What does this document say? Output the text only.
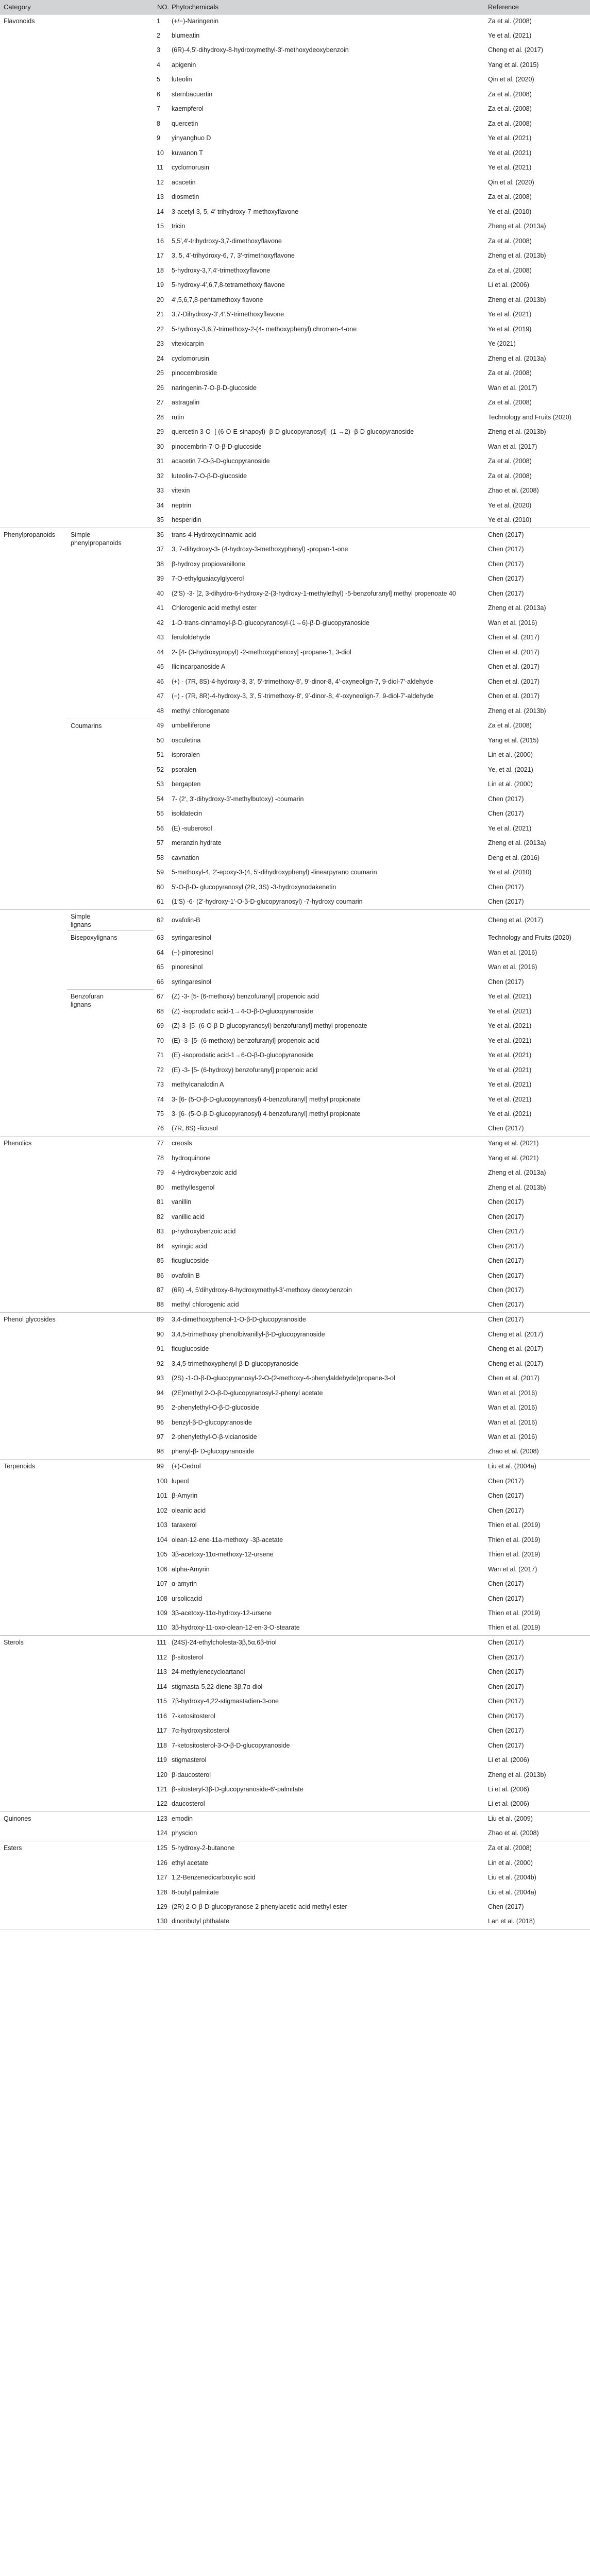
Category			NO.	Phytochemicals	Reference
Flavonoids			1	(+/−)-Naringenin	Za et al. (2008)
			2	blumeatin	Ye et al. (2021)
			3	(6R)-4,5′-dihydroxy-8-hydroxymethyl-3′-methoxydeoxybenzoin	Cheng et al. (2017)
			4	apigenin	Yang et al. (2015)
			5	luteolin	Qin et al. (2020)
			6	sternbacuertin	Za et al. (2008)
			7	kaempferol	Za et al. (2008)
			8	quercetin	Za et al. (2008)
			9	yinyanghuo D	Ye et al. (2021)
			10	kuwanon T	Ye et al. (2021)
			11	cyclomorusin	Ye et al. (2021)
			12	acacetin	Qin et al. (2020)
			13	diosmetin	Za et al. (2008)
			14	3-acetyl-3, 5, 4′-trihydroxy-7-methoxyflavone	Ye et al. (2010)
			15	tricin	Zheng et al. (2013a)
			16	5,5′,4′-trihydroxy-3,7-dimethoxyflavone	Za et al. (2008)
			17	3, 5, 4′-trihydroxy-6, 7, 3′-trimethoxyflavone	Zheng et al. (2013b)
			18	5-hydroxy-3,7,4′-trimethoxyflavone	Za et al. (2008)
			19	5-hydroxy-4′,6,7,8-tetramethoxy flavone	Li et al. (2006)
			20	4′,5,6,7,8-pentamethoxy flavone	Zheng et al. (2013b)
			21	3,7-Dihydroxy-3′,4′,5′-trimethoxyflavone	Ye et al. (2021)
			22	5-hydroxy-3,6,7-trimethoxy-2-(4- methoxyphenyl) chromen-4-one	Ye et al. (2019)
			23	vitexicarpin	Ye (2021)
			24	cyclomorusin	Zheng et al. (2013a)
			25	pinocembroside	Za et al. (2008)
			26	naringenin-7-O-β-D-glucoside	Wan et al. (2017)
			27	astragalin	Za et al. (2008)
			28	rutin	Technology and Fruits (2020)
			29	quercetin 3-O- [ (6-O-E-sinapoyl) -β-D-glucopyranosyl]- (1 →2) -β-D-glucopyranoside	Zheng et al. (2013b)
			30	pinocembrin-7-O-β-D-glucoside	Wan et al. (2017)
			31	acacetin 7-O-β-D-glucopyranoside	Za et al. (2008)
			32	luteolin-7-O-β-D-glucoside	Za et al. (2008)
			33	vitexin	Zhao et al. (2008)
			34	neptrin	Ye et al. (2020)
			35	hesperidin	Ye et al. (2010)
Phenylpropanoids	Simple phenylpropanoids		36	trans-4-Hydroxycinnamic acid	Chen (2017)
			37	3, 7-dihydroxy-3- (4-hydroxy-3-methoxyphenyl) -propan-1-one	Chen (2017)
			38	β-hydroxy propiovanillone	Chen (2017)
			39	7-O-ethylguaiacylglycerol	Chen (2017)
			40	(2′S) -3- [2, 3-dihydro-6-hydroxy-2-(3-hydroxy-1-methylethyl) -5-benzofuranyl] methyl propenoate 40	Chen (2017)
			41	Chlorogenic acid methyl ester	Zheng et al. (2013a)
			42	1-O-trans-cinnamoyl-β-D-glucopyranosyl-(1→6)-β-D-glucopyranoside	Wan et al. (2016)
			43	feruloldehyde	Chen et al. (2017)
			44	2- [4- (3-hydroxypropyl) -2-methoxyphenoxy] -propane-1, 3-diol	Chen et al. (2017)
			45	Ilicincarpanoside A	Chen et al. (2017)
			46	(+) - (7R, 8S)-4-hydroxy-3, 3′, 5′-trimethoxy-8′, 9′-dinor-8, 4′-oxyneolign-7, 9-diol-7′-aldehyde	Chen et al. (2017)
			47	(−) - (7R, 8R)-4-hydroxy-3, 3′, 5′-trimethoxy-8′, 9′-dinor-8, 4′-oxyneolign-7, 9-diol-7′-aldehyde	Chen et al. (2017)
			48	methyl chlorogenate	Zheng et al. (2013b)
	Coumarins		49	umbelliferone	Za et al. (2008)
			50	osculetina	Yang et al. (2015)
			51	isproralen	Lin et al. (2000)
			52	psoralen	Ye, et al. (2021)
			53	bergapten	Lin et al. (2000)
			54	7- (2′, 3′-dihydroxy-3′-methylbutoxy) -coumarin	Chen (2017)
			55	isoldatecin	Chen (2017)
			56	(E) -suberosol	Ye et al. (2021)
			57	meranzin hydrate	Zheng et al. (2013a)
			58	cavnation	Deng et al. (2016)
			59	5-methoxyl-4, 2′-epoxy-3-(4, 5′-dihydroxyphenyl) -linearpyrano coumarin	Ye et al. (2010)
			60	5′-O-β-D- glucopyranosyl (2R, 3S) -3-hydroxynodakenetin	Chen (2017)
			61	(1′S) -6- (2′-hydroxy-1′-O-β-D-glucopyranosyl) -7-hydroxy coumarin	Chen (2017)
	Simple lignans		62	ovafolin-B	Cheng et al. (2017)
	Bisepoxylignans		63	syringaresinol	Technology and Fruits (2020)
			64	(−)-pinoresinol	Wan et al. (2016)
			65	pinoresinol	Wan et al. (2016)
			66	syringaresinol	Chen (2017)
	Benzofuran lignans		67	(Z) -3- [5- (6-methoxy) benzofuranyl] propenoic acid	Ye et al. (2021)
			68	(Z) -isoprodatic acid-1→4-O-β-D-glucopyranoside	Ye et al. (2021)
			69	(Z)-3- [5- (6-O-β-D-glucopyranosyl) benzofuranyl] methyl propenoate	Ye et al. (2021)
			70	(E) -3- [5- (6-methoxy) benzofuranyl] propenoic acid	Ye et al. (2021)
			71	(E) -isoprodatic acid-1→6-O-β-D-glucopyranoside	Ye et al. (2021)
			72	(E) -3- [5- (6-hydroxy) benzofuranyl] propenoic acid	Ye et al. (2021)
			73	methylcanalodin A	Ye et al. (2021)
			74	3- [6- (5-O-β-D-glucopyranosyl) 4-benzofuranyl] methyl propionate	Ye et al. (2021)
			75	3- [6- (5-O-β-D-glucopyranosyl) 4-benzofuranyl] methyl propionate	Ye et al. (2021)
			76	(7R, 8S) -ficusol	Chen (2017)
Phenolics			77	creosls	Yang et al. (2021)
			78	hydroquinone	Yang et al. (2021)
			79	4-Hydroxybenzoic acid	Zheng et al. (2013a)
			80	methyllesgenol	Zheng et al. (2013b)
			81	vanillin	Chen (2017)
			82	vanillic acid	Chen (2017)
			83	p-hydroxybenzoic acid	Chen (2017)
			84	syringic acid	Chen (2017)
			85	ficuglucoside	Chen (2017)
			86	ovafolin B	Chen (2017)
			87	(6R) -4, 5′dihydroxy-8-hydroxymethyl-3′-methoxy deoxybenzoin	Chen (2017)
			88	methyl chlorogenic acid	Chen (2017)
Phenol glycosides			89	3,4-dimethoxyphenol-1-O-β-D-glucopyranoside	Chen (2017)
			90	3,4,5-trimethoxy phenolbivanillyl-β-D-glucopyranoside	Cheng et al. (2017)
			91	ficuglucoside	Cheng et al. (2017)
			92	3,4,5-trimethoxyphenyl-β-D-glucopyranoside	Cheng et al. (2017)
			93	(2S) -1-O-β-D-glucopyranosyl-2-O-(2-methoxy-4-phenylaldehyde)propane-3-ol	Chen et al. (2017)
			94	(2E)methyl 2-O-β-D-glucopyranosyl-2-phenyl acetate	Wan et al. (2016)
			95	2-phenylethyl-O-β-D-glucoside	Wan et al. (2016)
			96	benzyl-β-D-glucopyranoside	Wan et al. (2016)
			97	2-phenylethyl-O-β-vicianoside	Wan et al. (2016)
			98	phenyl-β- D-glucopyranoside	Zhao et al. (2008)
Terpenoids			99	(+)-Cedrol	Liu et al. (2004a)
			100	lupeol	Chen (2017)
			101	β-Amyrin	Chen (2017)
			102	oleanic acid	Chen (2017)
			103	taraxerol	Thien et al. (2019)
			104	olean-12-ene-11a-methoxy -3β-acetate	Thien et al. (2019)
			105	3β-acetoxy-11α-methoxy-12-ursene	Thien et al. (2019)
			106	alpha-Amyrin	Wan et al. (2017)
			107	α-amyrin	Chen (2017)
			108	ursolicacid	Chen (2017)
			109	3β-acetoxy-11α-hydroxy-12-ursene	Thien et al. (2019)
			110	3β-hydroxy-11-oxo-olean-12-en-3-O-stearate	Thien et al. (2019)
Sterols			111	(24S)-24-ethylcholesta-3β,5α,6β-triol	Chen (2017)
			112	β-sitosterol	Chen (2017)
			113	24-methylenecycloartanol	Chen (2017)
			114	stigmasta-5,22-diene-3β,7α-diol	Chen (2017)
			115	7β-hydroxy-4,22-stigmastadien-3-one	Chen (2017)
			116	7-ketositosterol	Chen (2017)
			117	7α-hydroxysitosterol	Chen (2017)
			118	7-ketositosterol-3-O-β-D-glucopyranoside	Chen (2017)
			119	stigmasterol	Li et al. (2006)
			120	β-daucosterol	Zheng et al. (2013b)
			121	β-sitosteryl-3β-D-glucopyranoside-6′-palmitate	Li et al. (2006)
			122	daucosterol	Li et al. (2006)
Quinones			123	emodin	Liu et al. (2009)
			124	physcion	Zhao et al. (2008)
Esters			125	5-hydroxy-2-butanone	Za et al. (2008)
			126	ethyl acetate	Lin et al. (2000)
			127	1,2-Benzenedicarboxylic acid	Liu et al. (2004b)
			128	8-butyl palmitate	Liu et al. (2004a)
			129	(2R) 2-O-β-D-glucopyranose 2-phenylacetic acid methyl ester	Chen (2017)
			130	dinonbutyl phthalate	Lan et al. (2018)
